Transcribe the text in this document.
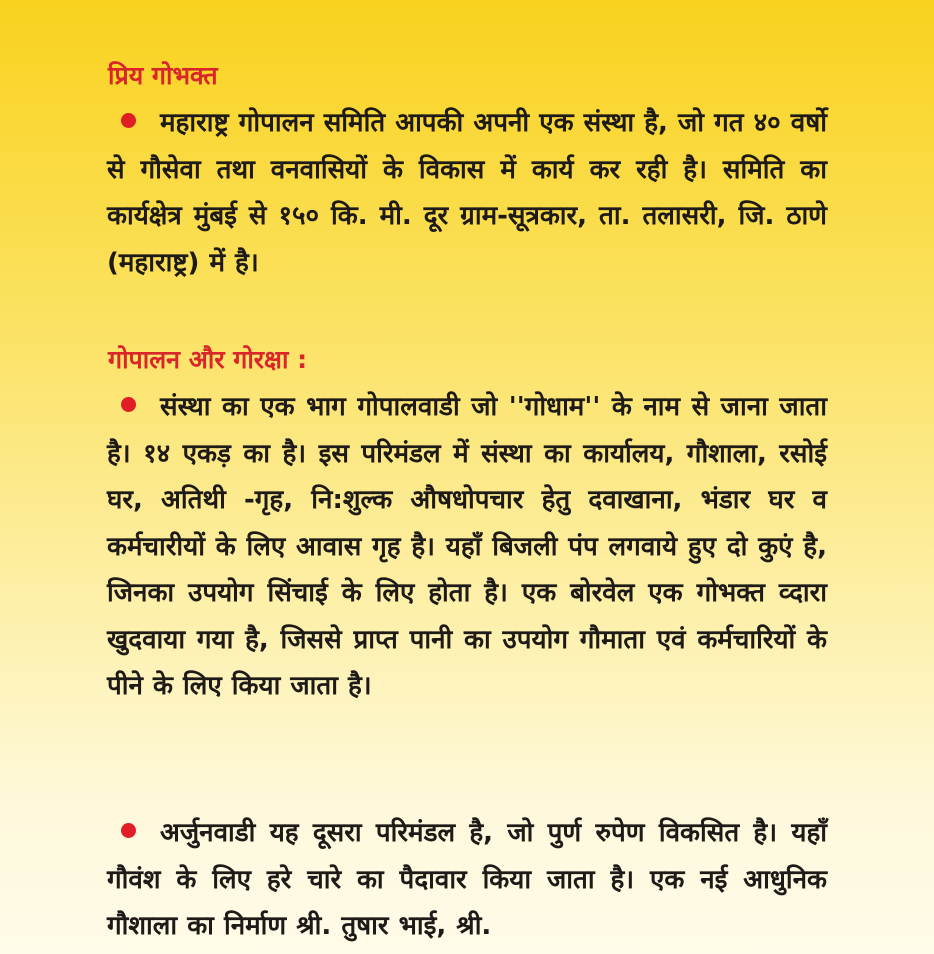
प्रिय गोभक्त
महाराष्ट्र गोपालन समिति आपकी अपनी एक संस्था है, जो गत ४० वर्षो से गौसेवा तथा वनवासियों के विकास में कार्य कर रही है। समिति का कार्यक्षेत्र मुंबई से १५० कि. मी. दूर ग्राम-सूत्रकार, ता. तलासरी, जि. ठाणे (महाराष्ट्र) में है।
गोपालन और गोरक्षा :
संस्था का एक भाग गोपालवाडी जो ''गोधाम'' के नाम से जाना जाता है। १४ एकड़ का है। इस परिमंडल में संस्था का कार्यालय, गौशाला, रसोई घर, अतिथी -गृह, नि:शुल्क औषधोपचार हेतु दवाखाना, भंडार घर व कर्मचारीयों के लिए आवास गृह है। यहाँ बिजली पंप लगवाये हुए दो कुएं है, जिनका उपयोग सिंचाई के लिए होता है। एक बोरवेल एक गोभक्त व्दारा खुदवाया गया है, जिससे प्राप्त पानी का उपयोग गौमाता एवं कर्मचारियों के पीने के लिए किया जाता है।
अर्जुनवाडी यह दूसरा परिमंडल है, जो पुर्ण रुपेण विकसित है। यहाँ गौवंश के लिए हरे चारे का पैदावार किया जाता है। एक नई आधुनिक गौशाला का निर्माण श्री. तुषार भाई, श्री.
